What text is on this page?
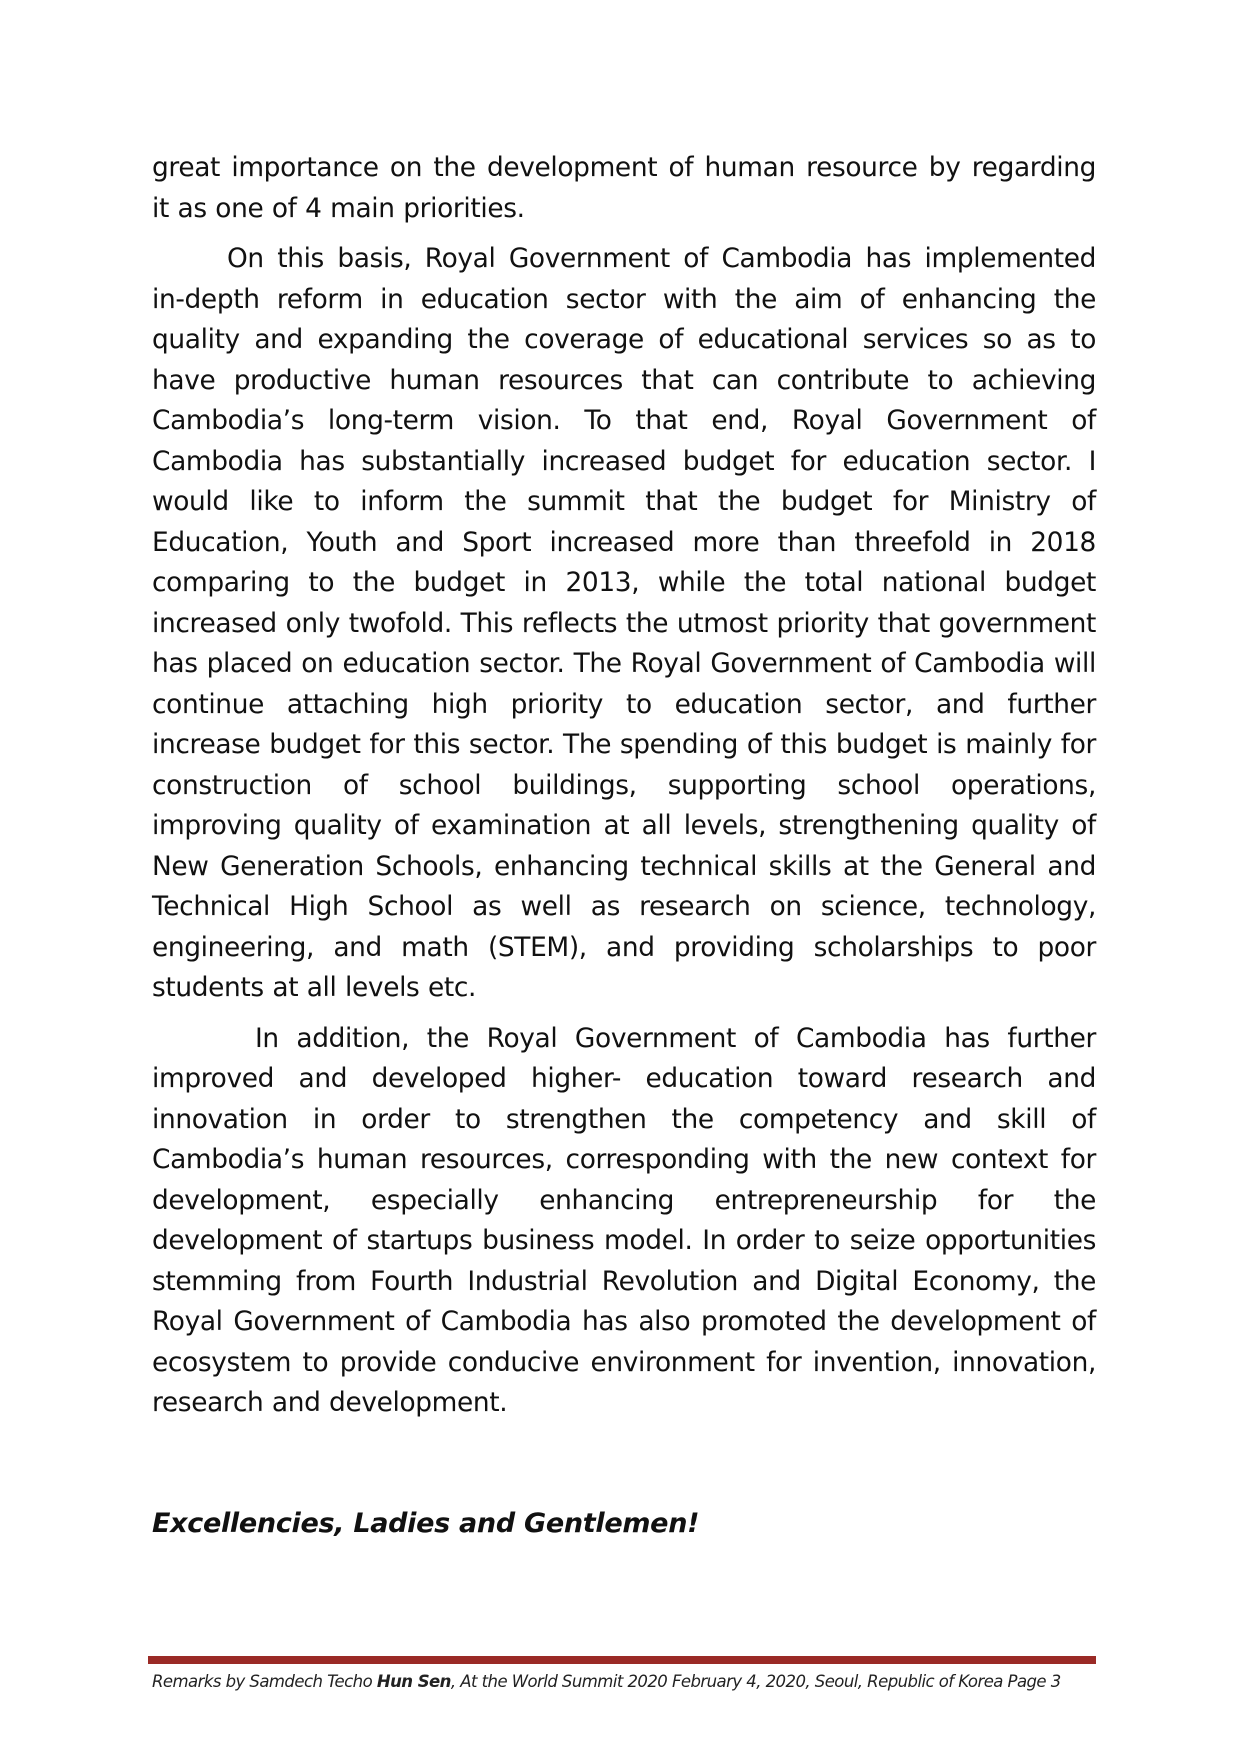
great importance on the development of human resource by regarding it as one of 4 main priorities.

On this basis, Royal Government of Cambodia has implemented in-depth reform in education sector with the aim of enhancing the quality and expanding the coverage of educational services so as to have productive human resources that can contribute to achieving Cambodia’s long-term vision. To that end, Royal Government of Cambodia has substantially increased budget for education sector. I would like to inform the summit that the budget for Ministry of Education, Youth and Sport increased more than threefold in 2018 comparing to the budget in 2013, while the total national budget increased only twofold. This reflects the utmost priority that government has placed on education sector. The Royal Government of Cambodia will continue attaching high priority to education sector, and further increase budget for this sector. The spending of this budget is mainly for construction of school buildings, supporting school operations, improving quality of examination at all levels, strengthening quality of New Generation Schools, enhancing technical skills at the General and Technical High School as well as research on science, technology, engineering, and math (STEM), and providing scholarships to poor students at all levels etc.

In addition, the Royal Government of Cambodia has further improved and developed higher- education toward research and innovation in order to strengthen the competency and skill of Cambodia’s human resources, corresponding with the new context for development, especially enhancing entrepreneurship for the development of startups business model. In order to seize opportunities stemming from Fourth Industrial Revolution and Digital Economy, the Royal Government of Cambodia has also promoted the development of ecosystem to provide conducive environment for invention, innovation, research and development.

Excellencies, Ladies and Gentlemen!

Remarks by Samdech Techo Hun Sen, At the World Summit 2020 February 4, 2020, Seoul, Republic of Korea Page 3
